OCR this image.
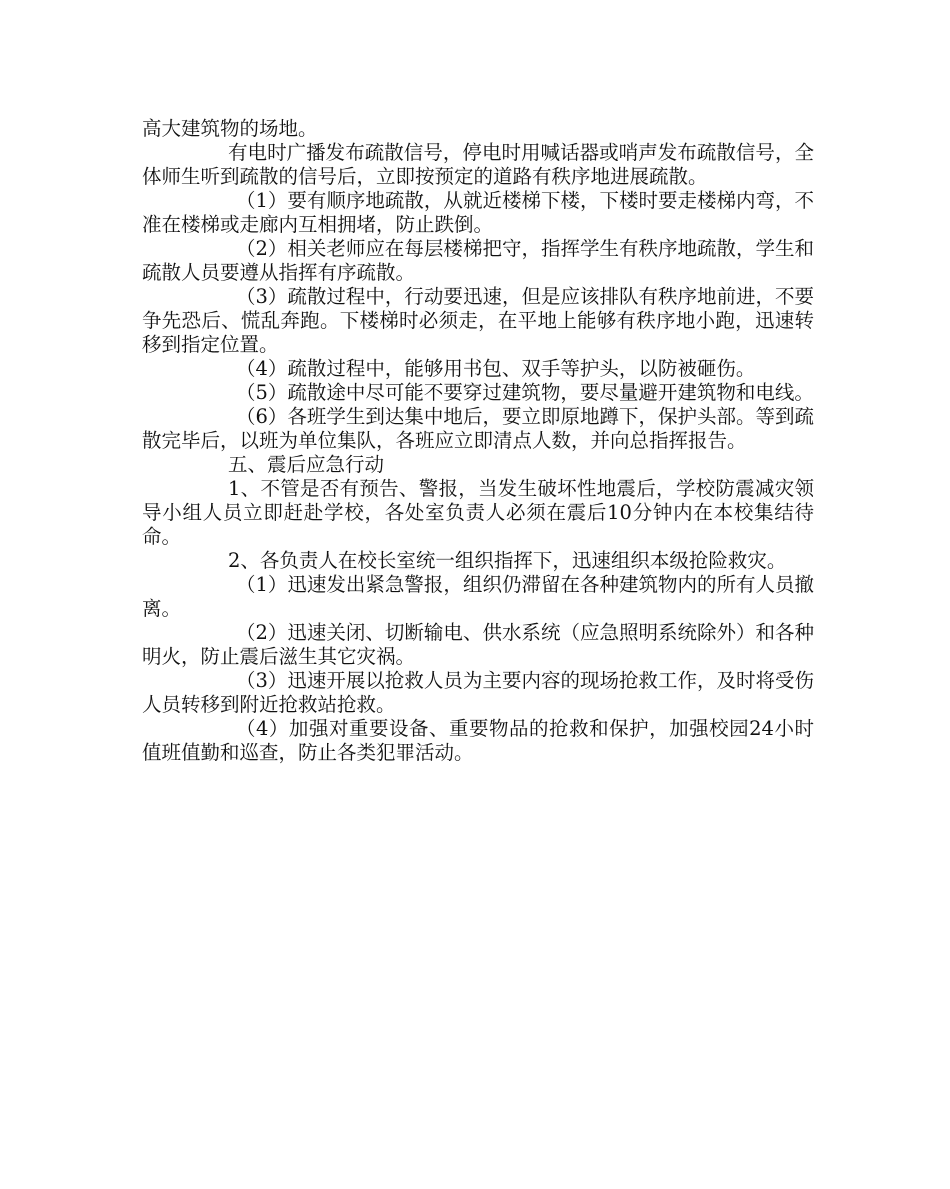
高大建筑物的场地。

有电时广播发布疏散信号，停电时用喊话器或哨声发布疏散信号，全体师生听到疏散的信号后，立即按预定的道路有秩序地进展疏散。

（1）要有顺序地疏散，从就近楼梯下楼，下楼时要走楼梯内弯，不准在楼梯或走廊内互相拥堵，防止跌倒。

（2）相关老师应在每层楼梯把守，指挥学生有秩序地疏散，学生和疏散人员要遵从指挥有序疏散。

（3）疏散过程中，行动要迅速，但是应该排队有秩序地前进，不要争先恐后、慌乱奔跑。下楼梯时必须走，在平地上能够有秩序地小跑，迅速转移到指定位置。

（4）疏散过程中，能够用书包、双手等护头，以防被砸伤。

（5）疏散途中尽可能不要穿过建筑物，要尽量避开建筑物和电线。

（6）各班学生到达集中地后，要立即原地蹲下，保护头部。等到疏散完毕后，以班为单位集队，各班应立即清点人数，并向总指挥报告。

五、震后应急行动

1、不管是否有预告、警报，当发生破坏性地震后，学校防震减灾领导小组人员立即赶赴学校，各处室负责人必须在震后10分钟内在本校集结待命。

2、各负责人在校长室统一组织指挥下，迅速组织本级抢险救灾。

（1）迅速发出紧急警报，组织仍滞留在各种建筑物内的所有人员撤离。

（2）迅速关闭、切断输电、供水系统（应急照明系统除外）和各种明火，防止震后滋生其它灾祸。

（3）迅速开展以抢救人员为主要内容的现场抢救工作，及时将受伤人员转移到附近抢救站抢救。

（4）加强对重要设备、重要物品的抢救和保护，加强校园24小时值班值勤和巡查，防止各类犯罪活动。
